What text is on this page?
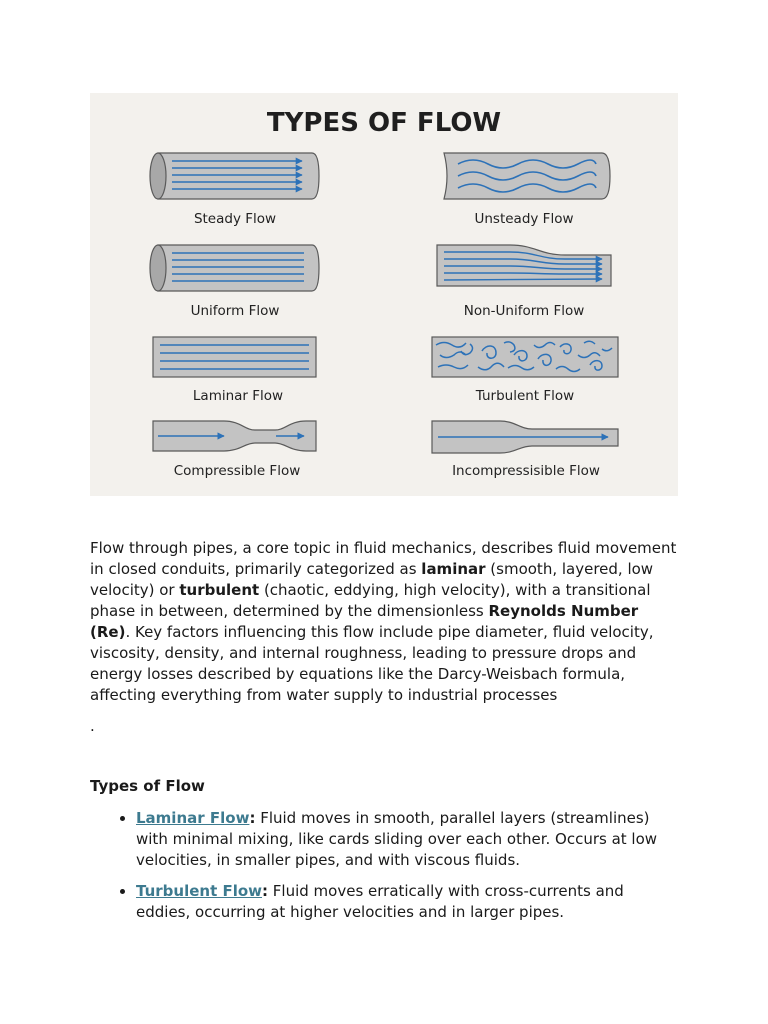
TYPES OF FLOW
Steady Flow	Unsteady Flow
Uniform Flow	Non-Uniform Flow
Laminar Flow	Turbulent Flow
Compressible Flow	Incompressisible Flow

Flow through pipes, a core topic in fluid mechanics, describes fluid movement in closed conduits, primarily categorized as laminar (smooth, layered, low velocity) or turbulent (chaotic, eddying, high velocity), with a transitional phase in between, determined by the dimensionless Reynolds Number (Re). Key factors influencing this flow include pipe diameter, fluid velocity, viscosity, density, and internal roughness, leading to pressure drops and energy losses described by equations like the Darcy-Weisbach formula, affecting everything from water supply to industrial processes

.

Types of Flow
• Laminar Flow: Fluid moves in smooth, parallel layers (streamlines) with minimal mixing, like cards sliding over each other. Occurs at low velocities, in smaller pipes, and with viscous fluids.
• Turbulent Flow: Fluid moves erratically with cross-currents and eddies, occurring at higher velocities and in larger pipes.
